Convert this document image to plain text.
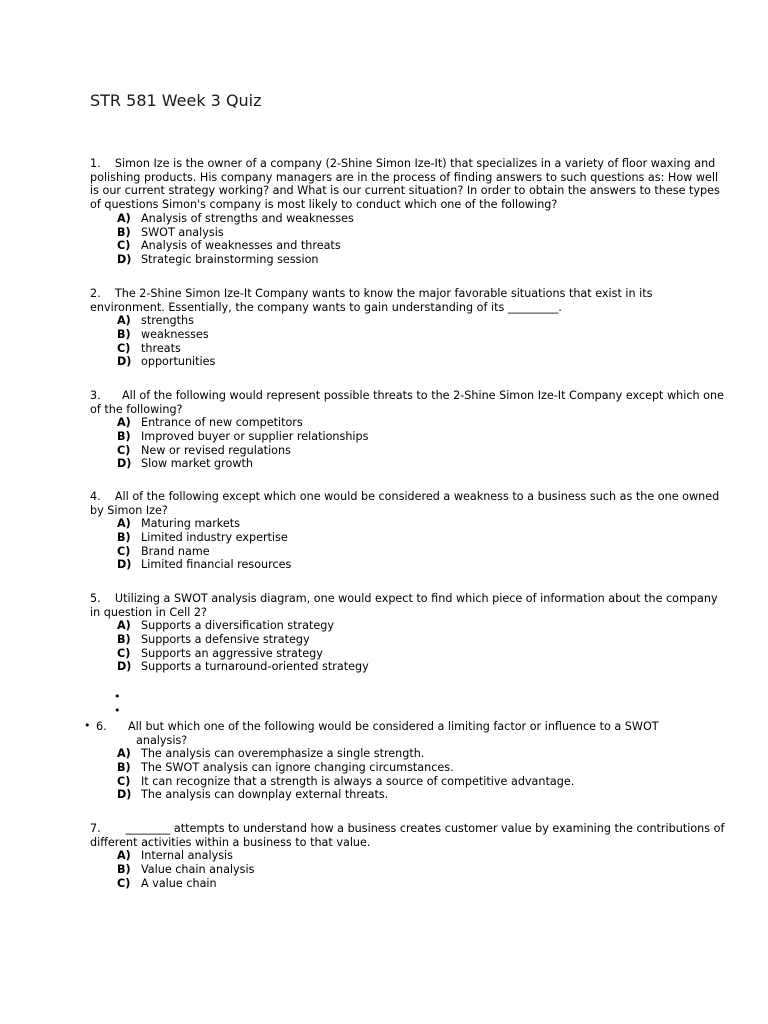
STR 581 Week 3 Quiz

1.    Simon Ize is the owner of a company (2-Shine Simon Ize-It) that specializes in a variety of floor waxing and polishing products. His company managers are in the process of finding answers to such questions as: How well is our current strategy working? and What is our current situation? In order to obtain the answers to these types of questions Simon's company is most likely to conduct which one of the following?

A) Analysis of strengths and weaknesses
B) SWOT analysis
C) Analysis of weaknesses and threats
D) Strategic brainstorming session

2.    The 2-Shine Simon Ize-It Company wants to know the major favorable situations that exist in its environment. Essentially, the company wants to gain understanding of its _________.

A) strengths
B) weaknesses
C) threats
D) opportunities

3.      All of the following would represent possible threats to the 2-Shine Simon Ize-It Company except which one of the following?

A) Entrance of new competitors
B) Improved buyer or supplier relationships
C) New or revised regulations
D) Slow market growth

4.    All of the following except which one would be considered a weakness to a business such as the one owned by Simon Ize?

A) Maturing markets
B) Limited industry expertise
C) Brand name
D) Limited financial resources

5.    Utilizing a SWOT analysis diagram, one would expect to find which piece of information about the company in question in Cell 2?

A) Supports a diversification strategy
B) Supports a defensive strategy
C) Supports an aggressive strategy
D) Supports a turnaround-oriented strategy
•
•
• 6.      All but which one of the following would be considered a limiting factor or influence to a SWOT
analysis?

A) The analysis can overemphasize a single strength.
B) The SWOT analysis can ignore changing circumstances.
C) It can recognize that a strength is always a source of competitive advantage.
D) The analysis can downplay external threats.

7.       ________ attempts to understand how a business creates customer value by examining the contributions of different activities within a business to that value.

A) Internal analysis
B) Value chain analysis
C) A value chain
